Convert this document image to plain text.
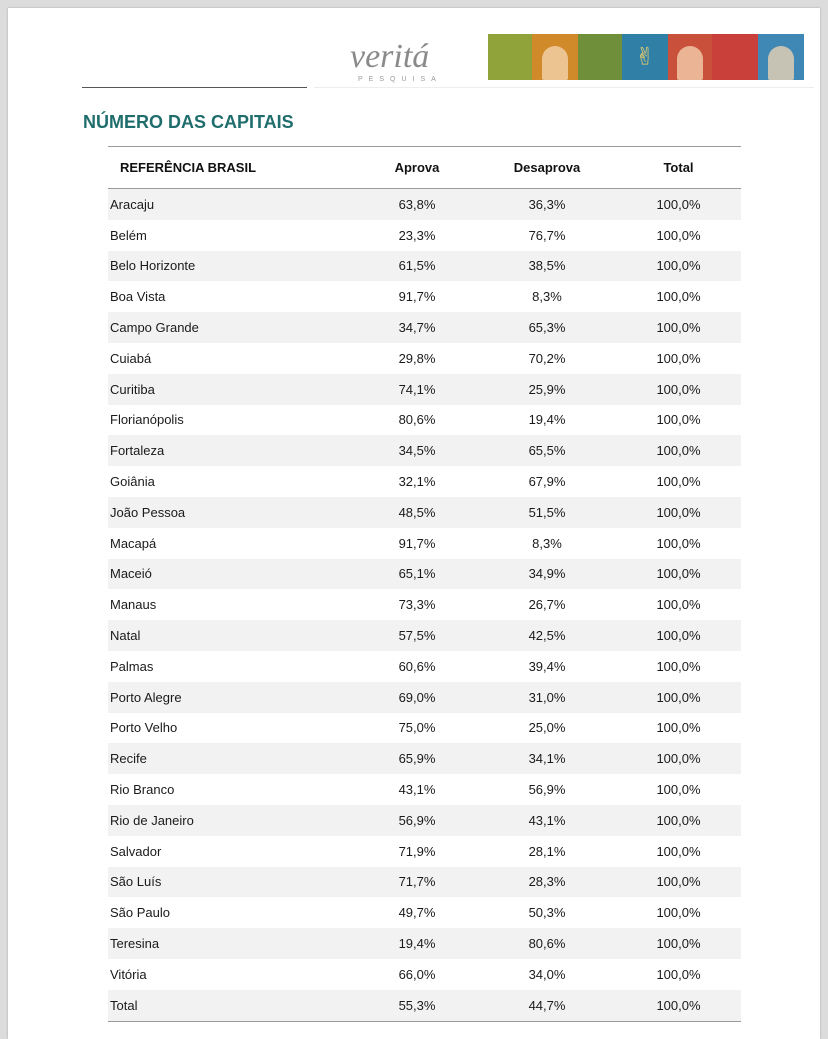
veritá
PESQUISA
✌
NÚMERO DAS CAPITAIS
REFERÊNCIA BRASIL	Aprova	Desaprova	Total
Aracaju	63,8%	36,3%	100,0%
Belém	23,3%	76,7%	100,0%
Belo Horizonte	61,5%	38,5%	100,0%
Boa Vista	91,7%	8,3%	100,0%
Campo Grande	34,7%	65,3%	100,0%
Cuiabá	29,8%	70,2%	100,0%
Curitiba	74,1%	25,9%	100,0%
Florianópolis	80,6%	19,4%	100,0%
Fortaleza	34,5%	65,5%	100,0%
Goiânia	32,1%	67,9%	100,0%
João Pessoa	48,5%	51,5%	100,0%
Macapá	91,7%	8,3%	100,0%
Maceió	65,1%	34,9%	100,0%
Manaus	73,3%	26,7%	100,0%
Natal	57,5%	42,5%	100,0%
Palmas	60,6%	39,4%	100,0%
Porto Alegre	69,0%	31,0%	100,0%
Porto Velho	75,0%	25,0%	100,0%
Recife	65,9%	34,1%	100,0%
Rio Branco	43,1%	56,9%	100,0%
Rio de Janeiro	56,9%	43,1%	100,0%
Salvador	71,9%	28,1%	100,0%
São Luís	71,7%	28,3%	100,0%
São Paulo	49,7%	50,3%	100,0%
Teresina	19,4%	80,6%	100,0%
Vitória	66,0%	34,0%	100,0%
Total	55,3%	44,7%	100,0%
